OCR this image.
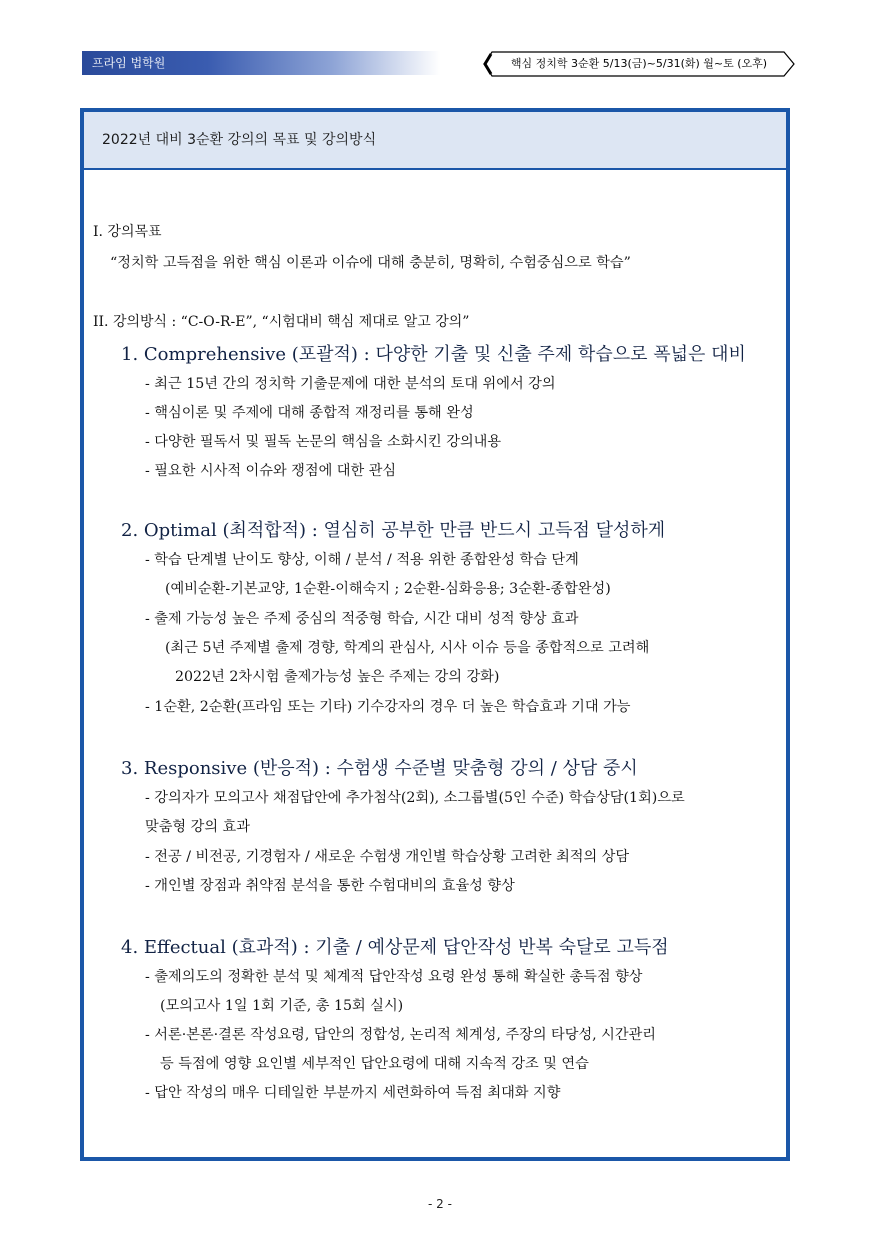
프라임 법학원	핵심 정치학 3순환 5/13(금)~5/31(화) 월~토 (오후)
2022년 대비 3순환 강의의 목표 및 강의방식
I. 강의목표
“정치학 고득점을 위한 핵심 이론과 이슈에 대해 충분히, 명확히, 수험중심으로 학습”
II. 강의방식 : “C-O-R-E”, “시험대비 핵심 제대로 알고 강의”
1. Comprehensive (포괄적) : 다양한 기출 및 신출 주제 학습으로 폭넓은 대비
- 최근 15년 간의 정치학 기출문제에 대한 분석의 토대 위에서 강의
- 핵심이론 및 주제에 대해 종합적 재정리를 통해 완성
- 다양한 필독서 및 필독 논문의 핵심을 소화시킨 강의내용
- 필요한 시사적 이슈와 쟁점에 대한 관심
2. Optimal (최적합적) : 열심히 공부한 만큼 반드시 고득점 달성하게
- 학습 단계별 난이도 향상, 이해 / 분석 / 적용 위한 종합완성 학습 단계
(예비순환-기본교양, 1순환-이해숙지 ; 2순환-심화응용; 3순환-종합완성)
- 출제 가능성 높은 주제 중심의 적중형 학습, 시간 대비 성적 향상 효과
(최근 5년 주제별 출제 경향, 학계의 관심사, 시사 이슈 등을 종합적으로 고려해
2022년 2차시험 출제가능성 높은 주제는 강의 강화)
- 1순환, 2순환(프라임 또는 기타) 기수강자의 경우 더 높은 학습효과 기대 가능
3. Responsive (반응적) : 수험생 수준별 맞춤형 강의 / 상담 중시
- 강의자가 모의고사 채점답안에 추가첨삭(2회), 소그룹별(5인 수준) 학습상담(1회)으로
맞춤형 강의 효과
- 전공 / 비전공, 기경험자 / 새로운 수험생 개인별 학습상황 고려한 최적의 상담
- 개인별 장점과 취약점 분석을 통한 수험대비의 효율성 향상
4. Effectual (효과적) : 기출 / 예상문제 답안작성 반복 숙달로 고득점
- 출제의도의 정확한 분석 및 체계적 답안작성 요령 완성 통해 확실한 총득점 향상
(모의고사 1일 1회 기준, 총 15회 실시)
- 서론·본론·결론 작성요령, 답안의 정합성, 논리적 체계성, 주장의 타당성, 시간관리
등 득점에 영향 요인별 세부적인 답안요령에 대해 지속적 강조 및 연습
- 답안 작성의 매우 디테일한 부분까지 세련화하여 득점 최대화 지향
- 2 -
